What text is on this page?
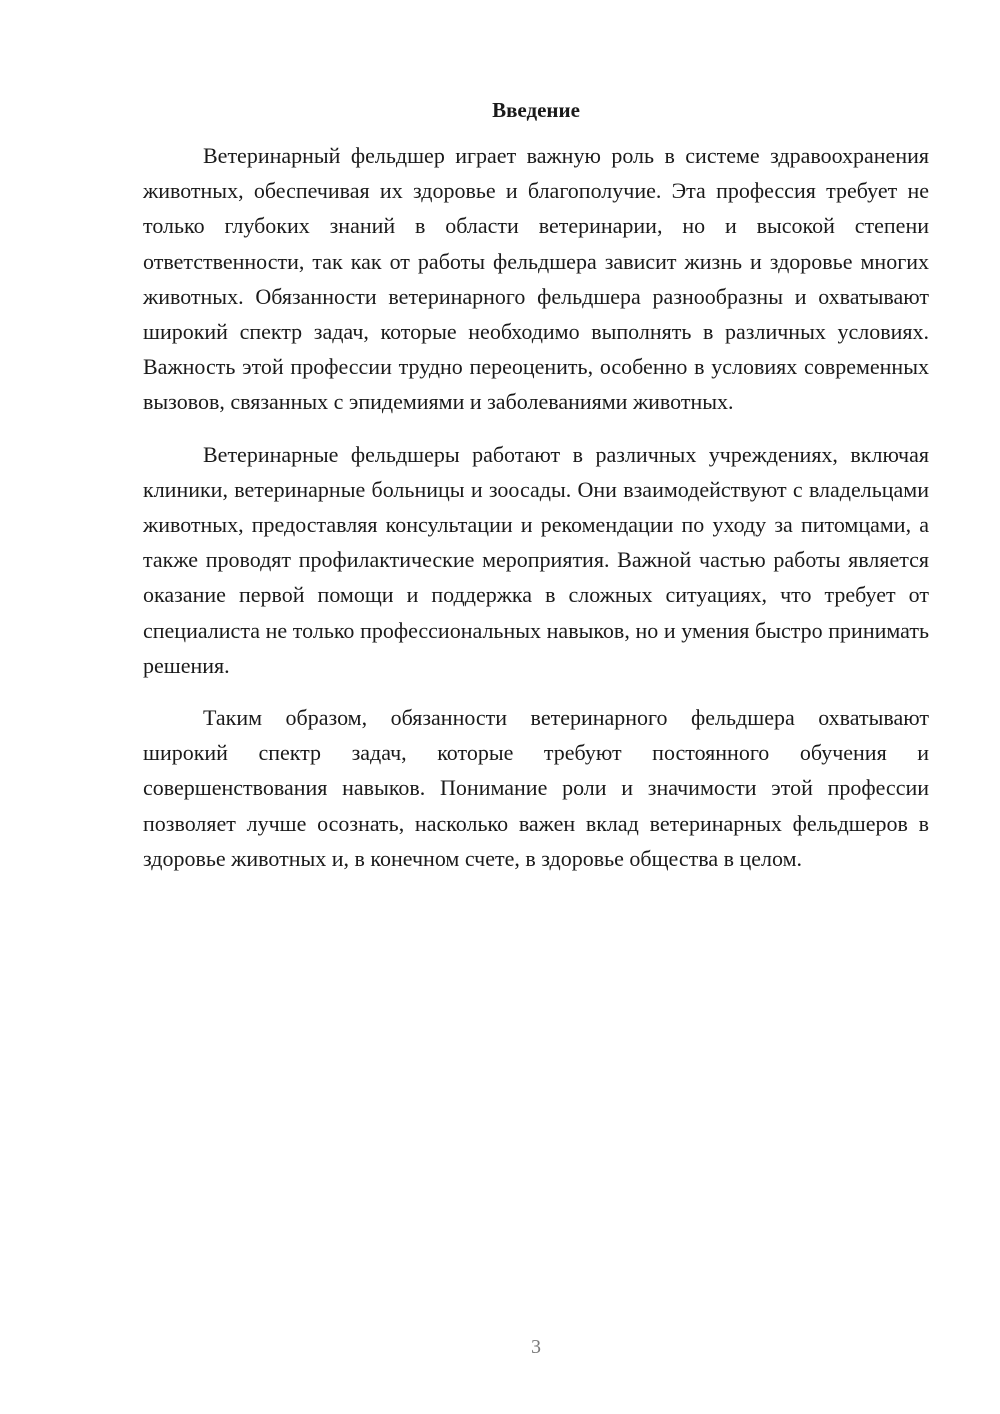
Введение

Ветеринарный фельдшер играет важную роль в системе здравоохранения животных, обеспечивая их здоровье и благополучие. Эта профессия требует не только глубоких знаний в области ветеринарии, но и высокой степени ответственности, так как от работы фельдшера зависит жизнь и здоровье многих животных. Обязанности ветеринарного фельдшера разнообразны и охватывают широкий спектр задач, которые необходимо выполнять в различных условиях. Важность этой профессии трудно переоценить, особенно в условиях современных вызовов, связанных с эпидемиями и заболеваниями животных.

Ветеринарные фельдшеры работают в различных учреждениях, включая клиники, ветеринарные больницы и зоосады. Они взаимодействуют с владельцами животных, предоставляя консультации и рекомендации по уходу за питомцами, а также проводят профилактические мероприятия. Важной частью работы является оказание первой помощи и поддержка в сложных ситуациях, что требует от специалиста не только профессиональных навыков, но и умения быстро принимать решения.

Таким образом, обязанности ветеринарного фельдшера охватывают широкий спектр задач, которые требуют постоянного обучения и совершенствования навыков. Понимание роли и значимости этой профессии позволяет лучше осознать, насколько важен вклад ветеринарных фельдшеров в здоровье животных и, в конечном счете, в здоровье общества в целом.

3
